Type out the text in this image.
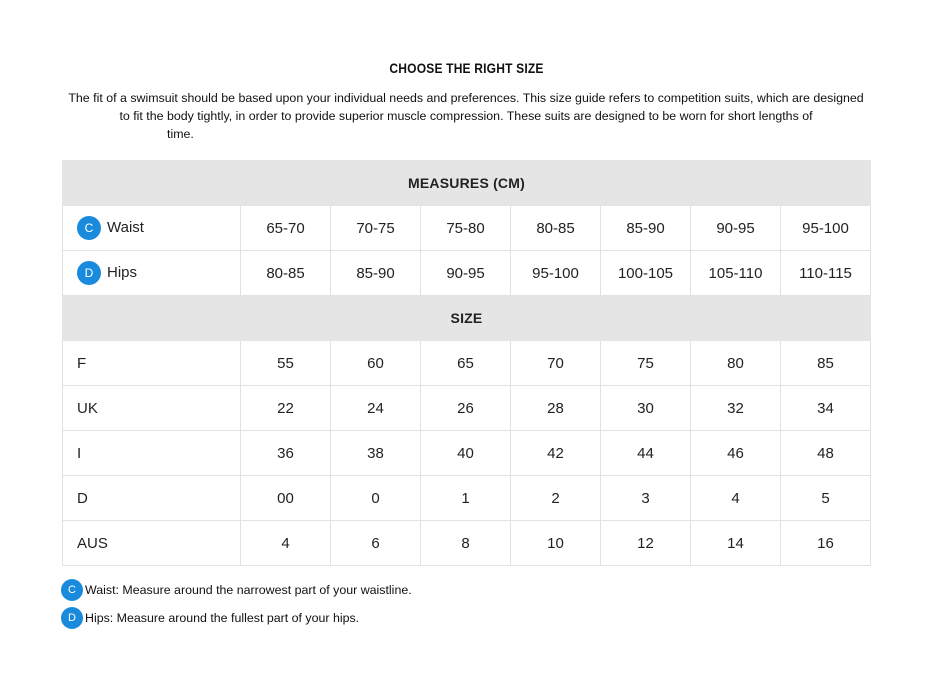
CHOOSE THE RIGHT SIZE
The fit of a swimsuit should be based upon your individual needs and preferences. This size guide refers to competition suits, which are designed to fit the body tightly, in order to provide superior muscle compression. These suits are designed to be worn for short lengths of
time.
MEASURES (CM)							
C Waist	65-70	70-75	75-80	80-85	85-90	90-95	95-100
D Hips	80-85	85-90	90-95	95-100	100-105	105-110	110-115
SIZE							
F	55	60	65	70	75	80	85
UK	22	24	26	28	30	32	34
I	36	38	40	42	44	46	48
D	00	0	1	2	3	4	5
AUS	4	6	8	10	12	14	16
C Waist: Measure around the narrowest part of your waistline.
D Hips: Measure around the fullest part of your hips.
